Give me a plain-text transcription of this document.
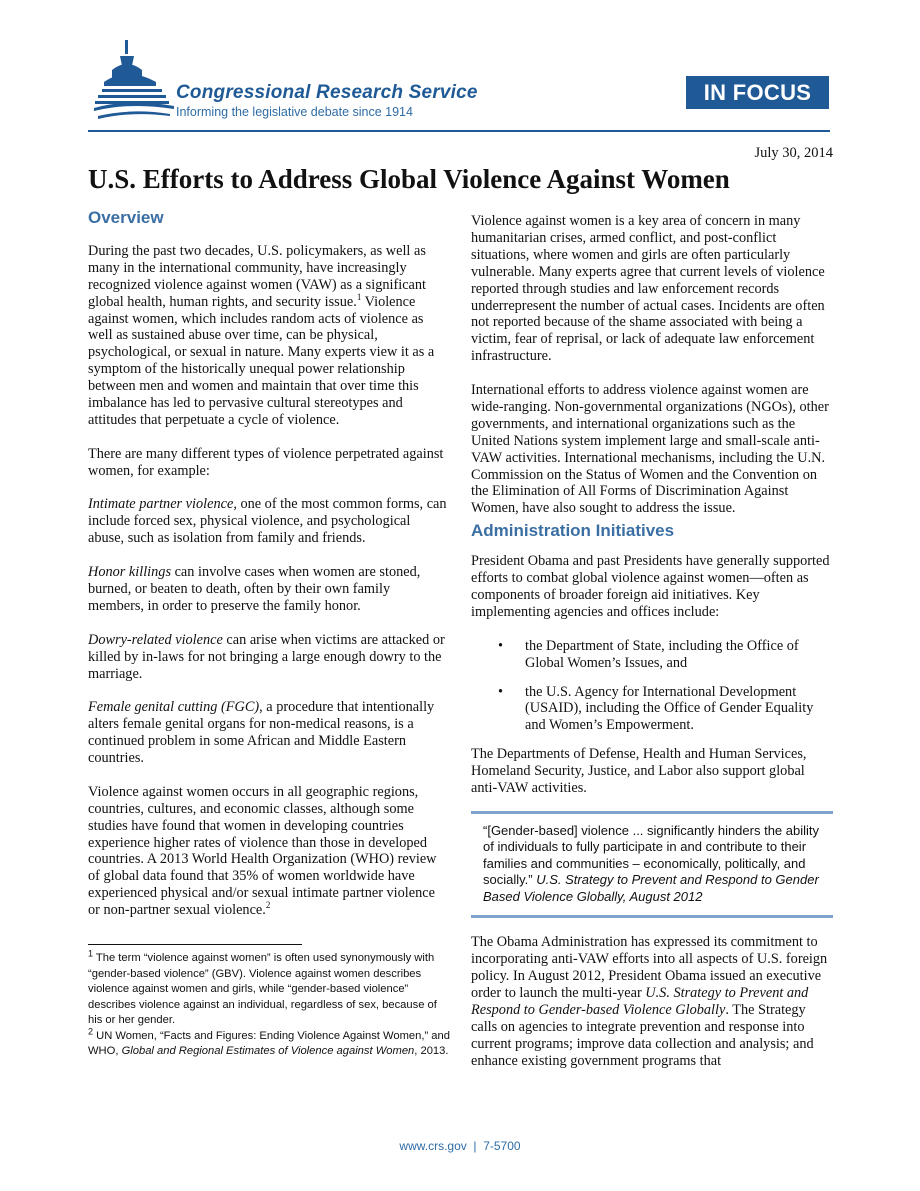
Congressional Research Service
Informing the legislative debate since 1914
IN FOCUS
July 30, 2014
U.S. Efforts to Address Global Violence Against Women
Overview

During the past two decades, U.S. policymakers, as well as many in the international community, have increasingly recognized violence against women (VAW) as a significant global health, human rights, and security issue.$^1$ Violence against women, which includes random acts of violence as well as sustained abuse over time, can be physical, psychological, or sexual in nature. Many experts view it as a symptom of the historically unequal power relationship between men and women and maintain that over time this imbalance has led to pervasive cultural stereotypes and attitudes that perpetuate a cycle of violence.

There are many different types of violence perpetrated against women, for example:

Intimate partner violence, one of the most common forms, can include forced sex, physical violence, and psychological abuse, such as isolation from family and friends.

Honor killings can involve cases when women are stoned, burned, or beaten to death, often by their own family members, in order to preserve the family honor.

Dowry-related violence can arise when victims are attacked or killed by in-laws for not bringing a large enough dowry to the marriage.

Female genital cutting (FGC), a procedure that intentionally alters female genital organs for non-medical reasons, is a continued problem in some African and Middle Eastern countries.

Violence against women occurs in all geographic regions, countries, cultures, and economic classes, although some studies have found that women in developing countries experience higher rates of violence than those in developed countries. A 2013 World Health Organization (WHO) review of global data found that 35% of women worldwide have experienced physical and/or sexual intimate partner violence or non-partner sexual violence.$^2$

Violence against women is a key area of concern in many humanitarian crises, armed conflict, and post-conflict situations, where women and girls are often particularly vulnerable. Many experts agree that current levels of violence reported through studies and law enforcement records underrepresent the number of actual cases. Incidents are often not reported because of the shame associated with being a victim, fear of reprisal, or lack of adequate law enforcement infrastructure.

International efforts to address violence against women are wide-ranging. Non-governmental organizations (NGOs), other governments, and international organizations such as the United Nations system implement large and small-scale anti-VAW activities. International mechanisms, including the U.N. Commission on the Status of Women and the Convention on the Elimination of All Forms of Discrimination Against Women, have also sought to address the issue.

Administration Initiatives

President Obama and past Presidents have generally supported efforts to combat global violence against women—often as components of broader foreign aid initiatives. Key implementing agencies and offices include:

• the Department of State, including the Office of Global Women’s Issues, and
• the U.S. Agency for International Development (USAID), including the Office of Gender Equality and Women’s Empowerment.

The Departments of Defense, Health and Human Services, Homeland Security, Justice, and Labor also support global anti-VAW activities.

“[Gender-based] violence ... significantly hinders the ability of individuals to fully participate in and contribute to their families and communities – economically, politically, and socially.” U.S. Strategy to Prevent and Respond to Gender Based Violence Globally, August 2012

The Obama Administration has expressed its commitment to incorporating anti-VAW efforts into all aspects of U.S. foreign policy. In August 2012, President Obama issued an executive order to launch the multi-year U.S. Strategy to Prevent and Respond to Gender-based Violence Globally. The Strategy calls on agencies to integrate prevention and response into current programs; improve data collection and analysis; and enhance existing government programs that

$^1$ The term “violence against women” is often used synonymously with “gender-based violence” (GBV). Violence against women describes violence against women and girls, while “gender-based violence” describes violence against an individual, regardless of sex, because of his or her gender.
$^2$ UN Women, “Facts and Figures: Ending Violence Against Women,” and WHO, Global and Regional Estimates of Violence against Women, 2013.
www.crs.gov  |  7-5700
